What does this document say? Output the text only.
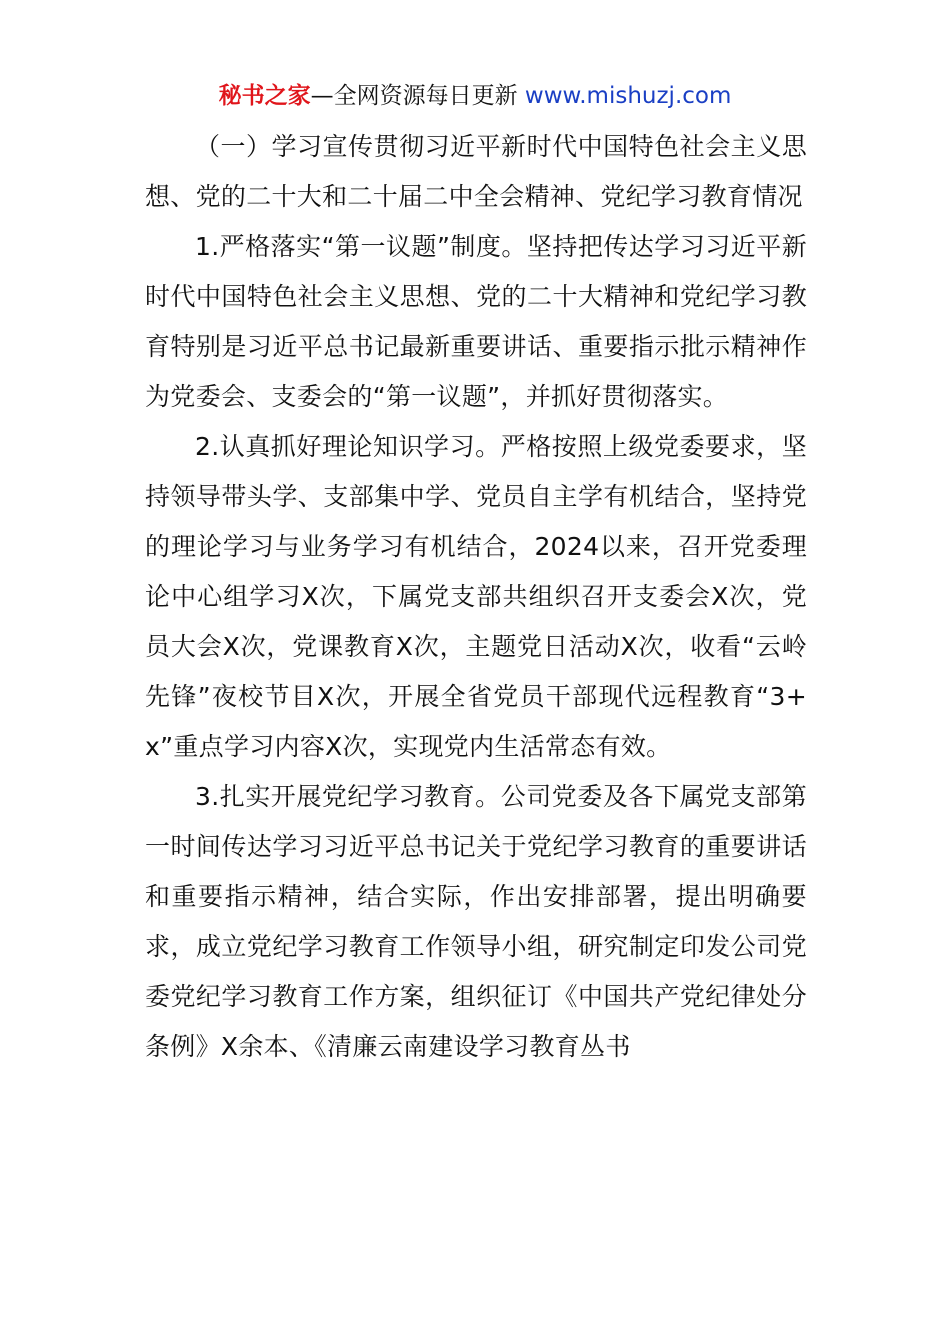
秘书之家—全网资源每日更新 www.mishuzj.com

（一）学习宣传贯彻习近平新时代中国特色社会主义思想、党的二十大和二十届二中全会精神、党纪学习教育情况

1.严格落实“第一议题”制度。坚持把传达学习习近平新时代中国特色社会主义思想、党的二十大精神和党纪学习教育特别是习近平总书记最新重要讲话、重要指示批示精神作为党委会、支委会的“第一议题”，并抓好贯彻落实。

2.认真抓好理论知识学习。严格按照上级党委要求，坚持领导带头学、支部集中学、党员自主学有机结合，坚持党的理论学习与业务学习有机结合，2024以来，召开党委理论中心组学习X次，下属党支部共组织召开支委会X次，党员大会X次，党课教育X次，主题党日活动X次，收看“云岭先锋”夜校节目X次，开展全省党员干部现代远程教育“3+x”重点学习内容X次，实现党内生活常态有效。

3.扎实开展党纪学习教育。公司党委及各下属党支部第一时间传达学习习近平总书记关于党纪学习教育的重要讲话和重要指示精神，结合实际，作出安排部署，提出明确要求，成立党纪学习教育工作领导小组，研究制定印发公司党委党纪学习教育工作方案，组织征订《中国共产党纪律处分条例》X余本、《清廉云南建设学习教育丛书
